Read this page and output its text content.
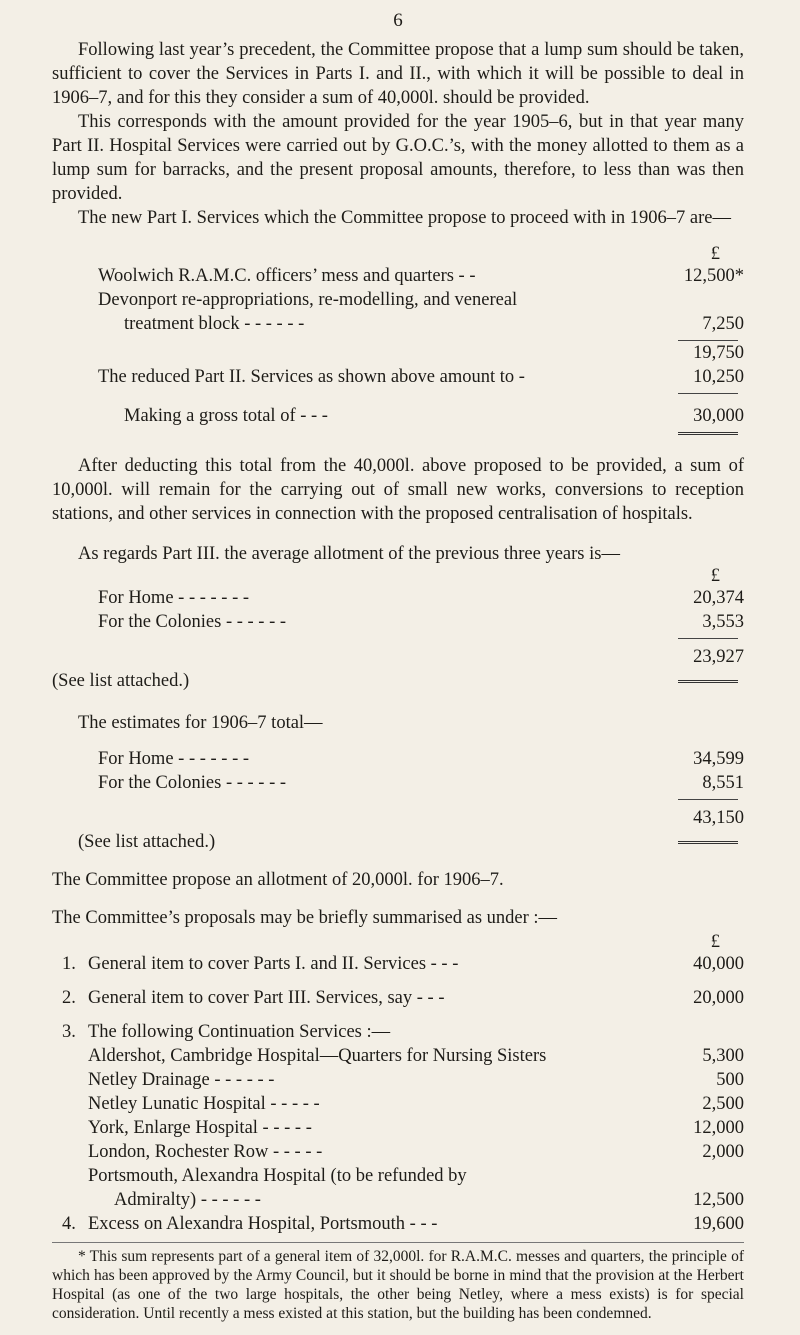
6

Following last year’s precedent, the Committee propose that a lump sum should be taken, sufficient to cover the Services in Parts I. and II., with which it will be possible to deal in 1906–7, and for this they consider a sum of 40,000l. should be provided.

This corresponds with the amount provided for the year 1905–6, but in that year many Part II. Hospital Services were carried out by G.O.C.’s, with the money allotted to them as a lump sum for barracks, and the present proposal amounts, therefore, to less than was then provided.

The new Part I. Services which the Committee propose to proceed with in 1906–7 are—

£
Woolwich R.A.M.C. officers’ mess and quarters - -	12,500*
Devonport re-appropriations, re-modelling, and venereal
treatment block - - - - - -	7,250
19,750
The reduced Part II. Services as shown above amount to -	10,250
Making a gross total of - - -	30,000

After deducting this total from the 40,000l. above proposed to be provided, a sum of 10,000l. will remain for the carrying out of small new works, conversions to reception stations, and other services in connection with the proposed centralisation of hospitals.

As regards Part III. the average allotment of the previous three years is—

£
For Home - - - - - - -	20,374
For the Colonies - - - - - -	3,553
23,927
(See list attached.)

The estimates for 1906–7 total—

For Home - - - - - - -	34,599
For the Colonies - - - - - -	8,551
43,150
(See list attached.)

The Committee propose an allotment of 20,000l. for 1906–7.

The Committee’s proposals may be briefly summarised as under :—

£
1. General item to cover Parts I. and II. Services - - -	40,000
2. General item to cover Part III. Services, say - - -	20,000
3. The following Continuation Services :—
Aldershot, Cambridge Hospital—Quarters for Nursing Sisters	5,300
Netley Drainage - - - - - -	500
Netley Lunatic Hospital - - - - -	2,500
York, Enlarge Hospital - - - - -	12,000
London, Rochester Row - - - - -	2,000
Portsmouth, Alexandra Hospital (to be refunded by
Admiralty) - - - - - -	12,500
4. Excess on Alexandra Hospital, Portsmouth - - -	19,600

* This sum represents part of a general item of 32,000l. for R.A.M.C. messes and quarters, the principle of which has been approved by the Army Council, but it should be borne in mind that the provision at the Herbert Hospital (as one of the two large hospitals, the other being Netley, where a mess exists) is for special consideration. Until recently a mess existed at this station, but the building has been condemned.
